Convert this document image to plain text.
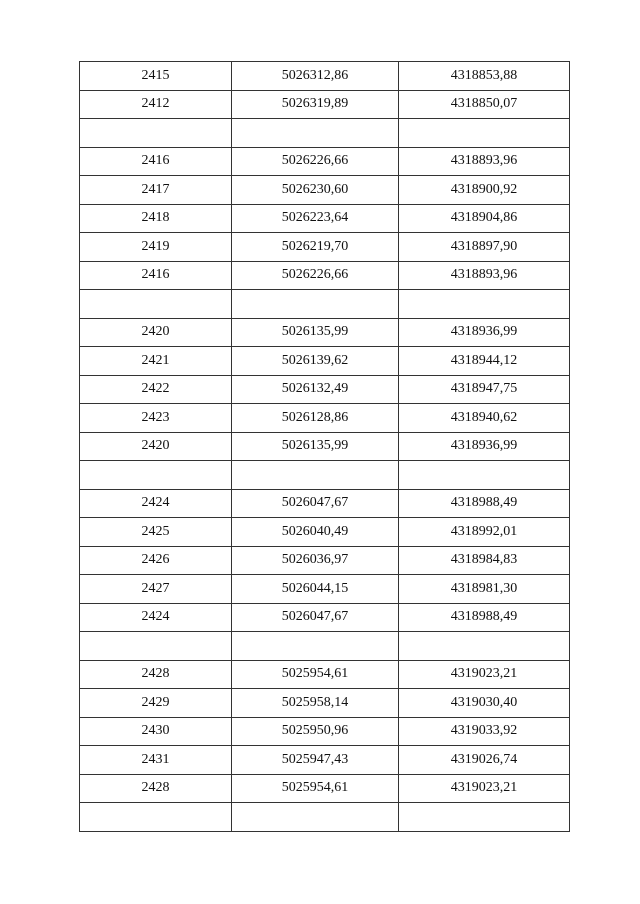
2415	5026312,86	4318853,88
2412	5026319,89	4318850,07

2416	5026226,66	4318893,96
2417	5026230,60	4318900,92
2418	5026223,64	4318904,86
2419	5026219,70	4318897,90
2416	5026226,66	4318893,96

2420	5026135,99	4318936,99
2421	5026139,62	4318944,12
2422	5026132,49	4318947,75
2423	5026128,86	4318940,62
2420	5026135,99	4318936,99

2424	5026047,67	4318988,49
2425	5026040,49	4318992,01
2426	5026036,97	4318984,83
2427	5026044,15	4318981,30
2424	5026047,67	4318988,49

2428	5025954,61	4319023,21
2429	5025958,14	4319030,40
2430	5025950,96	4319033,92
2431	5025947,43	4319026,74
2428	5025954,61	4319023,21
